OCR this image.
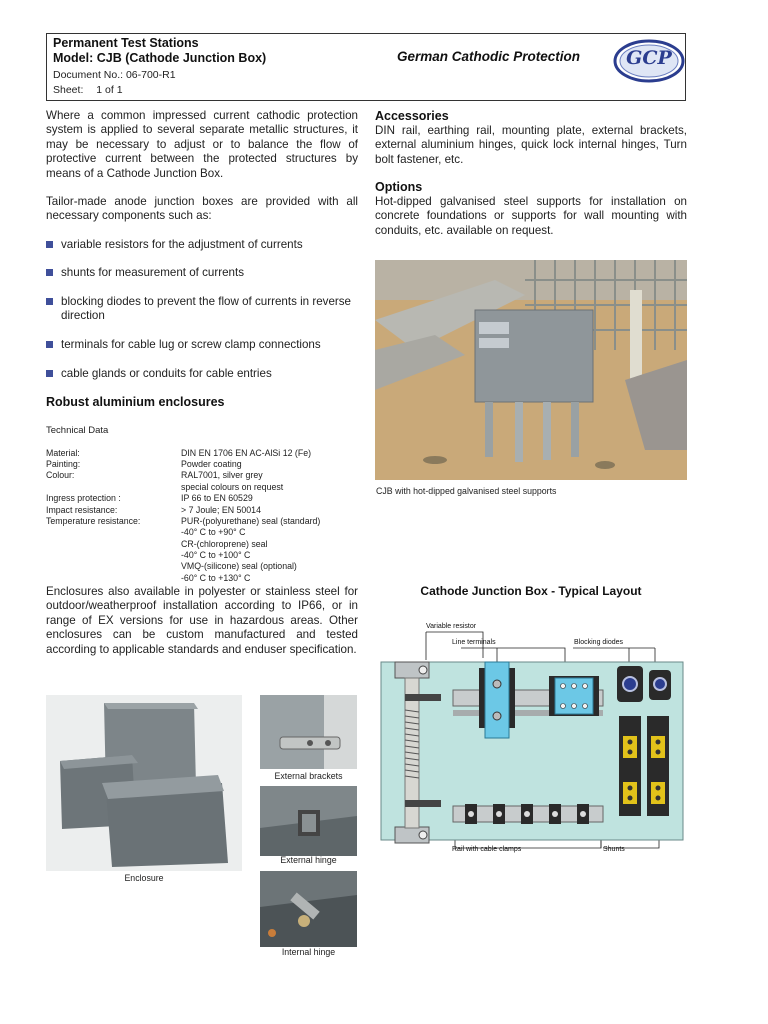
Permanent Test Stations
Model: CJB (Cathode Junction Box)
Document No.: 06-700-R1
Sheet: 1 of 1
German Cathodic Protection	GCP
Where a common impressed current cathodic protection system is applied to several separate metallic structures, it may be necessary to adjust or to balance the flow of protective current between the protected structures by means of a Cathode Junction Box.
Tailor-made anode junction boxes are provided with all necessary components such as:
variable resistors for the adjustment of currents
shunts for measurement of currents
blocking diodes to prevent the flow of currents in reverse direction
terminals for cable lug or screw clamp connections
cable glands or conduits for cable entries
Robust aluminium enclosures
Technical Data
Material:	DIN EN 1706 EN AC-AlSi 12 (Fe)
Painting:	Powder coating
Colour:	RAL7001, silver grey
special colours on request
Ingress protection :	IP 66 to EN 60529
Impact resistance:	> 7 Joule; EN 50014
Temperature resistance:	PUR-(polyurethane) seal (standard)
-40° C to +90° C
CR-(chloroprene) seal
-40° C to +100° C
VMQ-(silicone) seal (optional)
-60° C to +130° C
Enclosures also available in polyester or stainless steel for outdoor/weatherproof installation according to IP66, or in range of EX versions for use in hazardous areas. Other enclosures can be custom manufactured and tested according to applicable standards and enduser specification.
Accessories
DIN rail, earthing rail, mounting plate, external brackets, external aluminium hinges, quick lock internal hinges, Turn bolt fastener, etc.
Options
Hot-dipped galvanised steel supports for installation on concrete foundations or supports for wall mounting with conduits, etc. available on request.
CJB with hot-dipped galvanised steel supports
Cathode Junction Box - Typical Layout
Variable resistor
Line terminals	Blocking diodes
Rail with cable clamps	Shunts
Enclosure
External brackets
External hinge
Internal hinge
